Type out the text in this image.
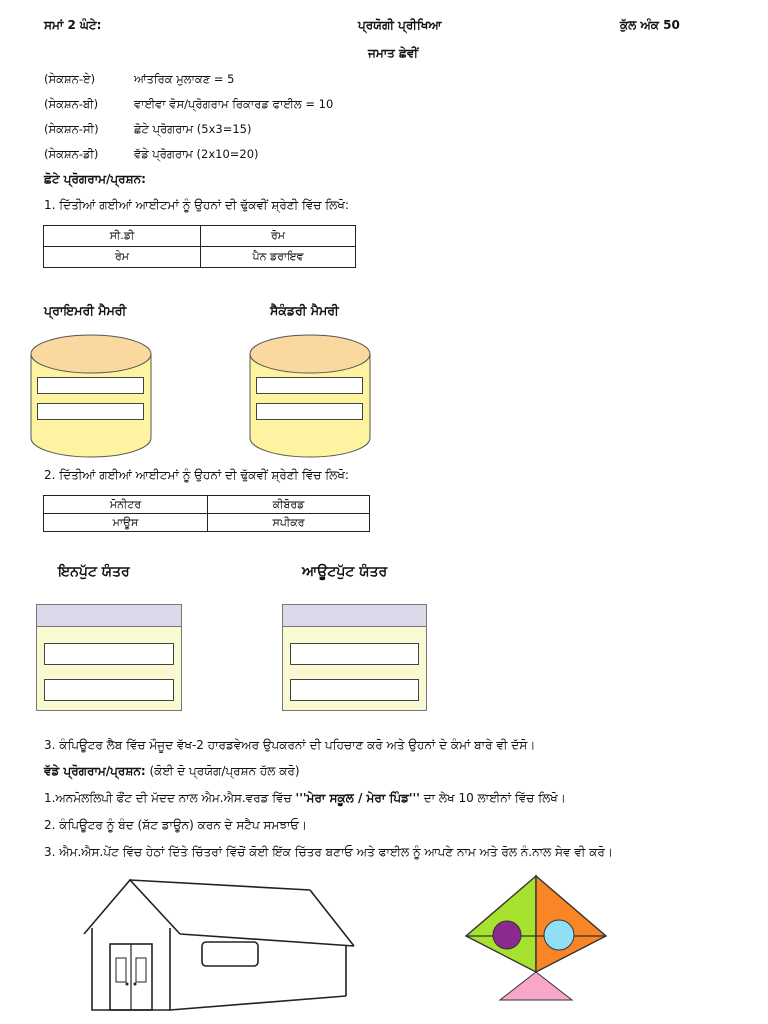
ਸਮਾਂ 2 ਘੰਟੇ:	ਪ੍ਰਯੋਗੀ ਪ੍ਰੀਖਿਆ	ਕੁੱਲ ਅੰਕ 50
ਜਮਾਤ ਛੇਵੀਂ
(ਸੇਕਸ਼ਨ-ਏ)	ਆਂਤਰਿਕ ਮੁਲਾਕਣ = 5
(ਸੇਕਸ਼ਨ-ਬੀ)	ਵਾਈਵਾ ਵੋਸ/ਪ੍ਰੋਗਰਾਮ ਰਿਕਾਰਡ ਫਾਈਲ = 10
(ਸੇਕਸ਼ਨ-ਸੀ)	ਛੋਟੇ ਪ੍ਰੋਗਰਾਮ (5x3=15)
(ਸੇਕਸ਼ਨ-ਡੀ)	ਵੱਡੇ ਪ੍ਰੋਗਰਾਮ (2x10=20)
ਛੋਟੇ ਪ੍ਰੋਗਰਾਮ/ਪ੍ਰਸ਼ਨ:
1. ਦਿੱਤੀਆਂ ਗਈਆਂ ਆਈਟਮਾਂ ਨੂੰ ਉਹਨਾਂ ਦੀ ਢੁੱਕਵੀਂ ਸ਼੍ਰੇਣੀ ਵਿੱਚ ਲਿਖੋ:
ਸੀ.ਡੀ	ਰੋਮ
ਰੇਮ	ਪੈਨ ਡਰਾਇਵ
ਪ੍ਰਾਇਮਰੀ ਮੈਮਰੀ	ਸੈਕੰਡਰੀ ਮੈਮਰੀ
2. ਦਿੱਤੀਆਂ ਗਈਆਂ ਆਈਟਮਾਂ ਨੂੰ ਉਹਨਾਂ ਦੀ ਢੁੱਕਵੀਂ ਸ਼੍ਰੇਣੀ ਵਿੱਚ ਲਿਖੋ:
ਮੋਨੀਟਰ	ਕੀਬੋਰਡ
ਮਾਊਸ	ਸਪੀਕਰ
ਇਨਪੁੱਟ ਯੰਤਰ	ਆਊਟਪੁੱਟ ਯੰਤਰ
3. ਕੰਪਿਊਟਰ ਲੈਬ ਵਿੱਚ ਮੌਜੂਦ ਵੱਖ-2 ਹਾਰਡਵੇਅਰ ਉਪਕਰਨਾਂ ਦੀ ਪਹਿਚਾਣ ਕਰੋ ਅਤੇ ਉਹਨਾਂ ਦੇ ਕੰਮਾਂ ਬਾਰੇ ਵੀ ਦੱਸੋ।
ਵੱਡੇ ਪ੍ਰੋਗਰਾਮ/ਪ੍ਰਸ਼ਨ: (ਕੋਈ ਦੋ ਪ੍ਰਯੋਗ/ਪ੍ਰਸ਼ਨ ਹੱਲ ਕਰੋ)
1.ਅਨਮੋਲਲਿਪੀ ਫੌਂਟ ਦੀ ਮੱਦਦ ਨਾਲ ਐਮ.ਐਸ.ਵਰਡ ਵਿੱਚ '''ਮੇਰਾ ਸਕੂਲ / ਮੇਰਾ ਪਿੰਡ''' ਦਾ ਲੇਖ 10 ਲਾਈਨਾਂ ਵਿੱਚ ਲਿਖੋ।
2. ਕੰਪਿਊਟਰ ਨੂੰ ਬੰਦ (ਸ਼ੱਟ ਡਾਊਨ) ਕਰਨ ਦੇ ਸਟੈਪ ਸਮਝਾਓ।
3. ਐਮ.ਐਸ.ਪੇਂਟ ਵਿੱਚ ਹੇਠਾਂ ਦਿੱਤੇ ਚਿੱਤਰਾਂ ਵਿੱਚੋਂ ਕੋਈ ਇੱਕ ਚਿੱਤਰ ਬਣਾਓ ਅਤੇ ਫਾਈਲ ਨੂੰ ਆਪਣੇ ਨਾਮ ਅਤੇ ਰੋਲ ਨੰ.ਨਾਲ ਸੇਵ ਵੀ ਕਰੋ।
